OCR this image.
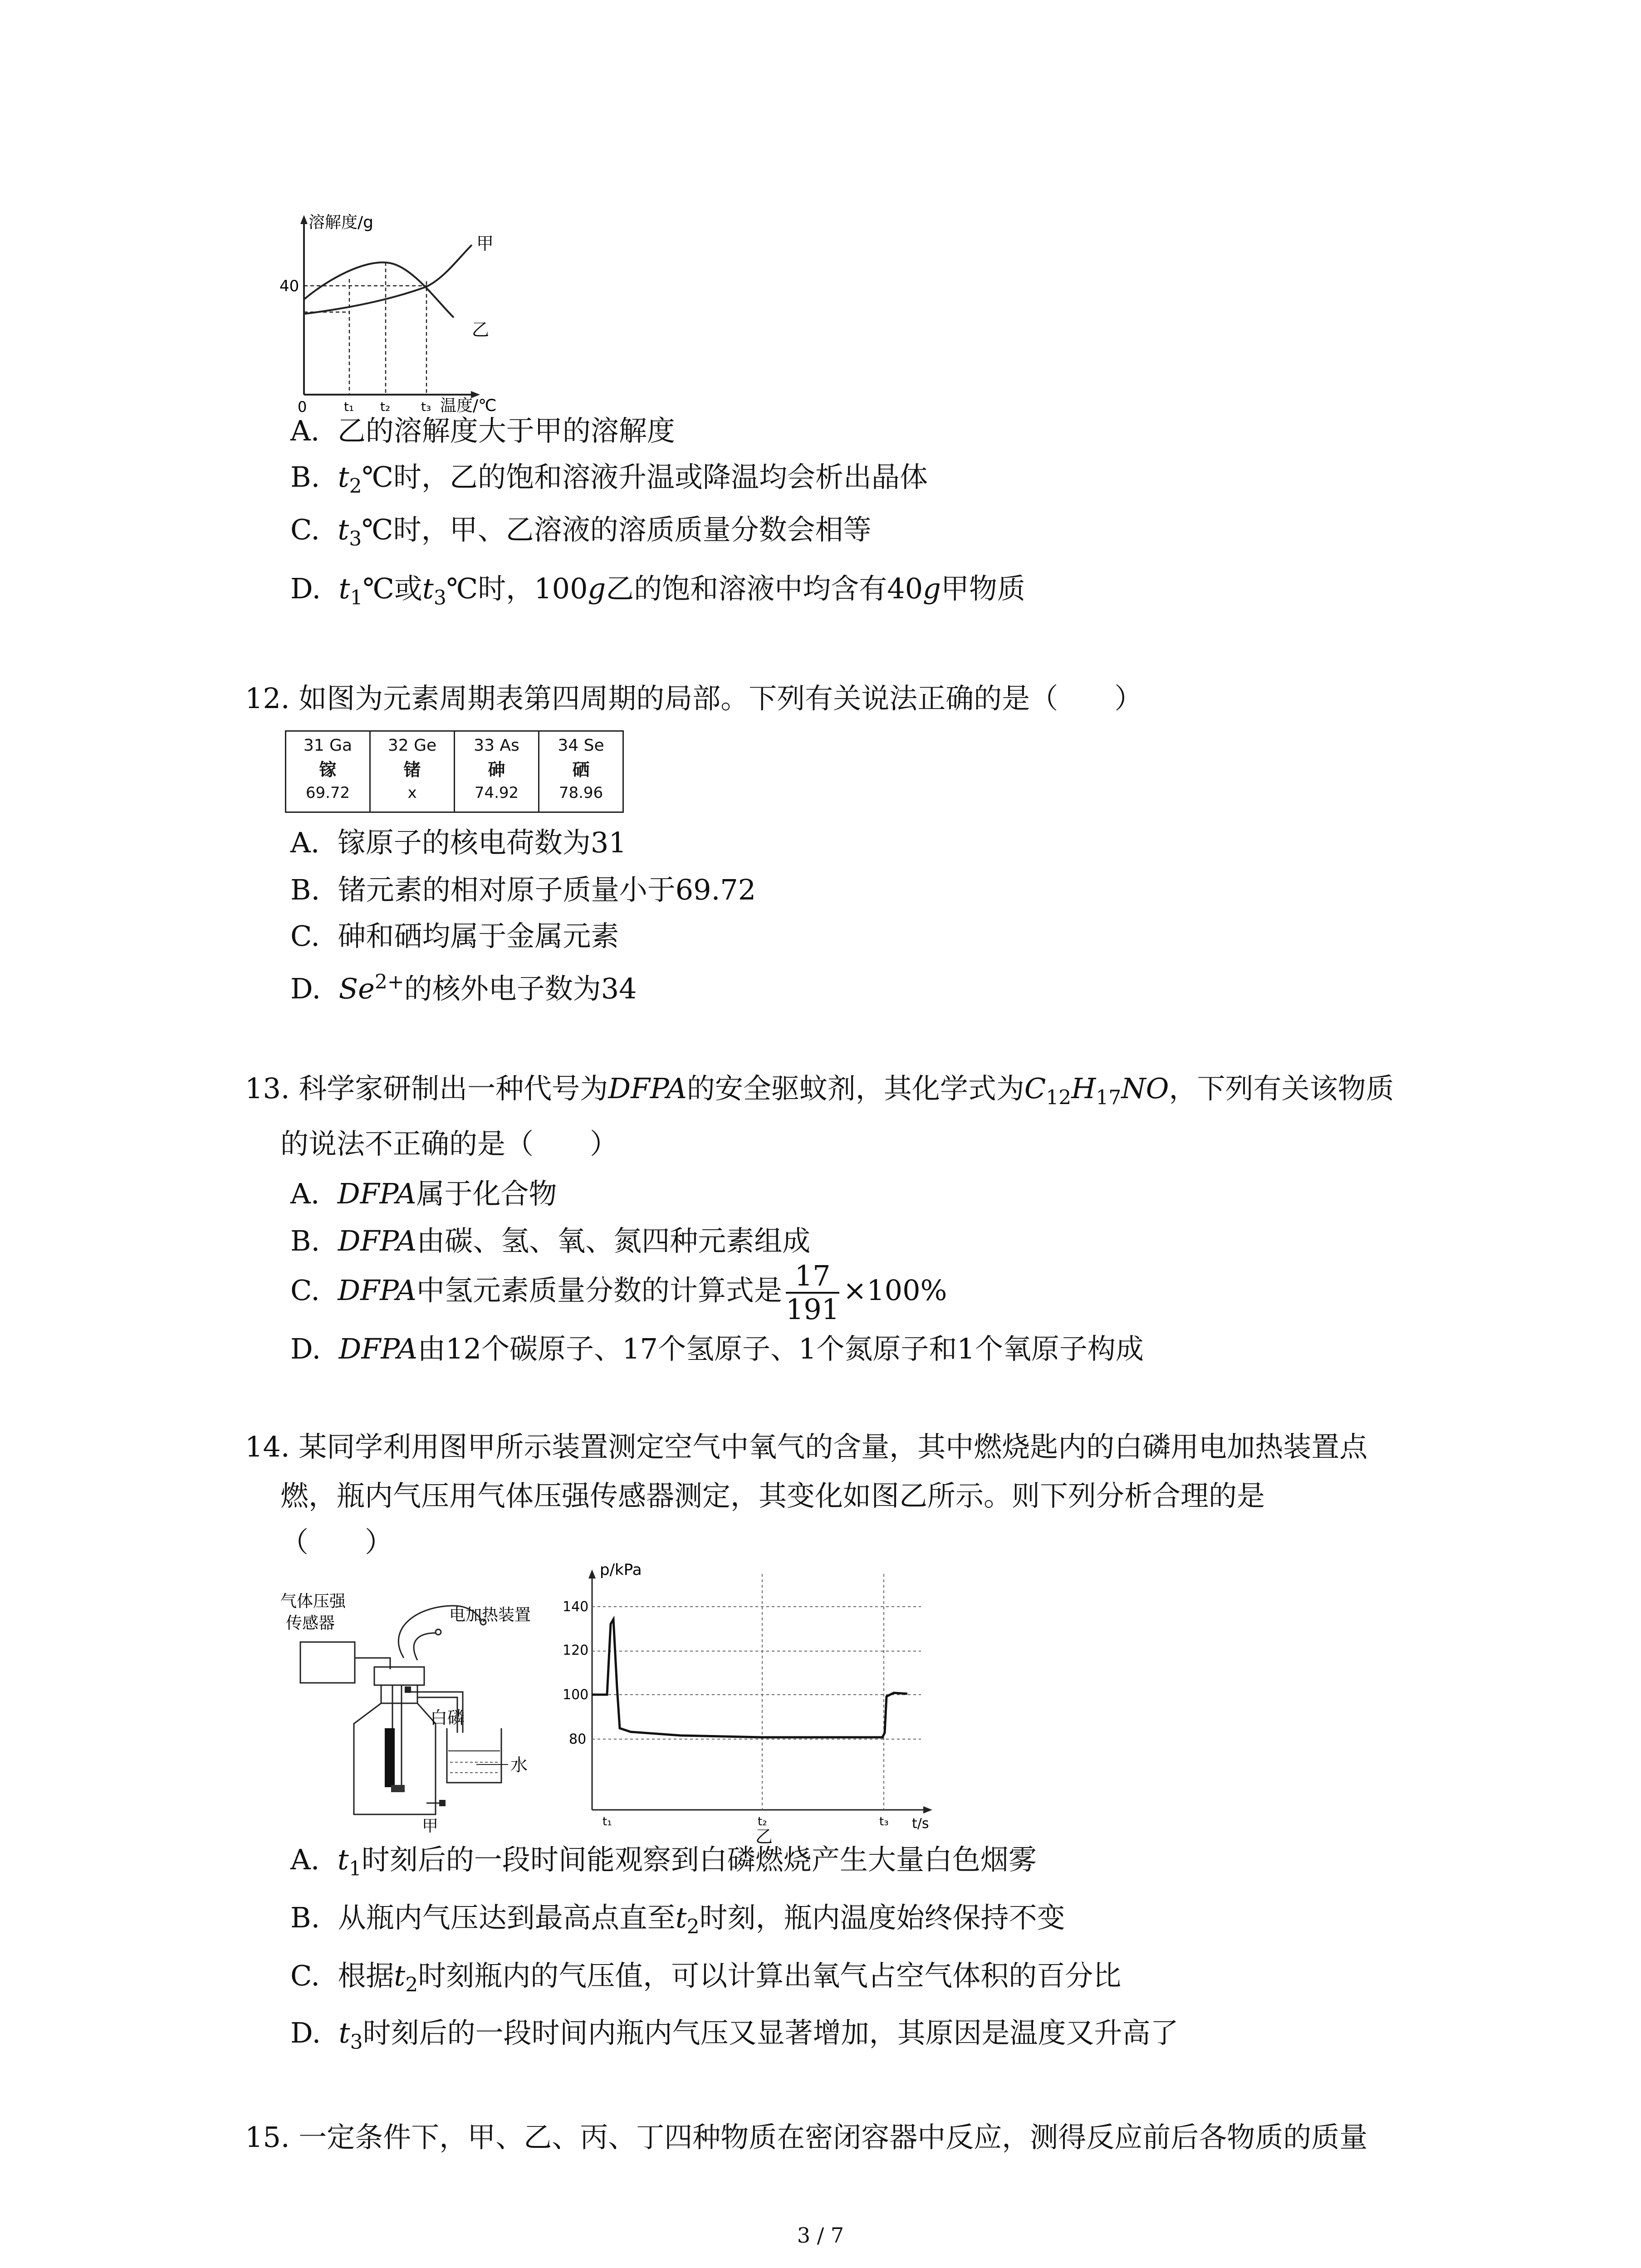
溶解度/g
40
0	t₁ t₂ t₃ 温度/℃
甲
乙
A. 乙的溶解度大于甲的溶解度
B. $t_2℃$时，乙的饱和溶液升温或降温均会析出晶体
C. $t_3℃$时，甲、乙溶液的溶质质量分数会相等
D. $t_1℃$或$t_3℃$时，100g乙的饱和溶液中均含有40g甲物质
12. 如图为元素周期表第四周期的局部。下列有关说法正确的是（　　）
31 Ga
镓
69.72

32 Ge
锗
x

33 As
砷
74.92

34 Se
硒
78.96
A. 镓原子的核电荷数为31
B. 锗元素的相对原子质量小于69.72
C. 砷和硒均属于金属元素
D. $Se^{2+}$的核外电子数为34
13. 科学家研制出一种代号为DFPA的安全驱蚊剂，其化学式为$C_{12}H_{17}NO$，下列有关该物质
的说法不正确的是（　　）
A. DFPA属于化合物
B. DFPA由碳、氢、氧、氮四种元素组成
C. DFPA中氢元素质量分数的计算式是 $\frac{17}{191} \times 100\%$
D. DFPA由12个碳原子、17个氢原子、1个氮原子和1个氧原子构成
14. 某同学利用图甲所示装置测定空气中氧气的含量，其中燃烧匙内的白磷用电加热装置点
燃，瓶内气压用气体压强传感器测定，其变化如图乙所示。则下列分析合理的是
（　　）
气体压强
传感器	电加热装置
白磷
水
甲
p/kPa
140
120
100
80
t₁	t₂	t₃ t/s
乙
A. $t_1$时刻后的一段时间能观察到白磷燃烧产生大量白色烟雾
B. 从瓶内气压达到最高点直至$t_2$时刻，瓶内温度始终保持不变
C. 根据$t_2$时刻瓶内的气压值，可以计算出氧气占空气体积的百分比
D. $t_3$时刻后的一段时间内瓶内气压又显著增加，其原因是温度又升高了
15. 一定条件下，甲、乙、丙、丁四种物质在密闭容器中反应，测得反应前后各物质的质量
3 / 7
